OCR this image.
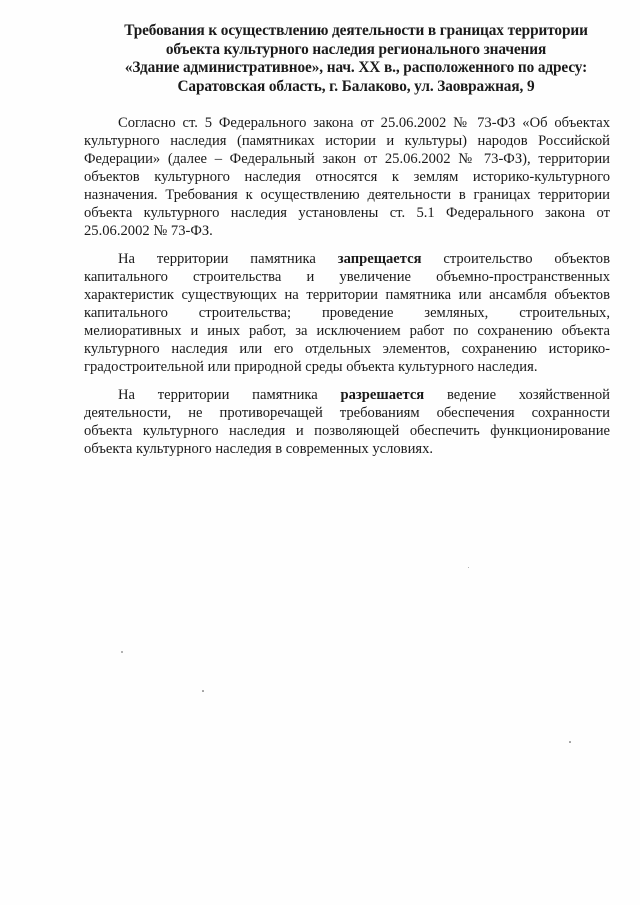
Требования к осуществлению деятельности в границах территории
объекта культурного наследия регионального значения
«Здание административное», нач. XX в., расположенного по адресу:
Саратовская область, г. Балаково, ул. Заовражная, 9
Согласно ст. 5 Федерального закона от 25.06.2002 № 73-ФЗ «Об объектах
культурного наследия (памятниках истории и культуры) народов Российской
Федерации» (далее – Федеральный закон от 25.06.2002 № 73-ФЗ), территории
объектов культурного наследия относятся к землям историко-культурного
назначения. Требования к осуществлению деятельности в границах территории
объекта культурного наследия установлены ст. 5.1 Федерального закона от
25.06.2002 № 73-ФЗ.
На территории памятника запрещается строительство объектов
капитального строительства и увеличение объемно-пространственных
характеристик существующих на территории памятника или ансамбля объектов
капитального строительства; проведение земляных, строительных,
мелиоративных и иных работ, за исключением работ по сохранению объекта
культурного наследия или его отдельных элементов, сохранению историко-
градостроительной или природной среды объекта культурного наследия.
На территории памятника разрешается ведение хозяйственной
деятельности, не противоречащей требованиям обеспечения сохранности
объекта культурного наследия и позволяющей обеспечить функционирование
объекта культурного наследия в современных условиях.
